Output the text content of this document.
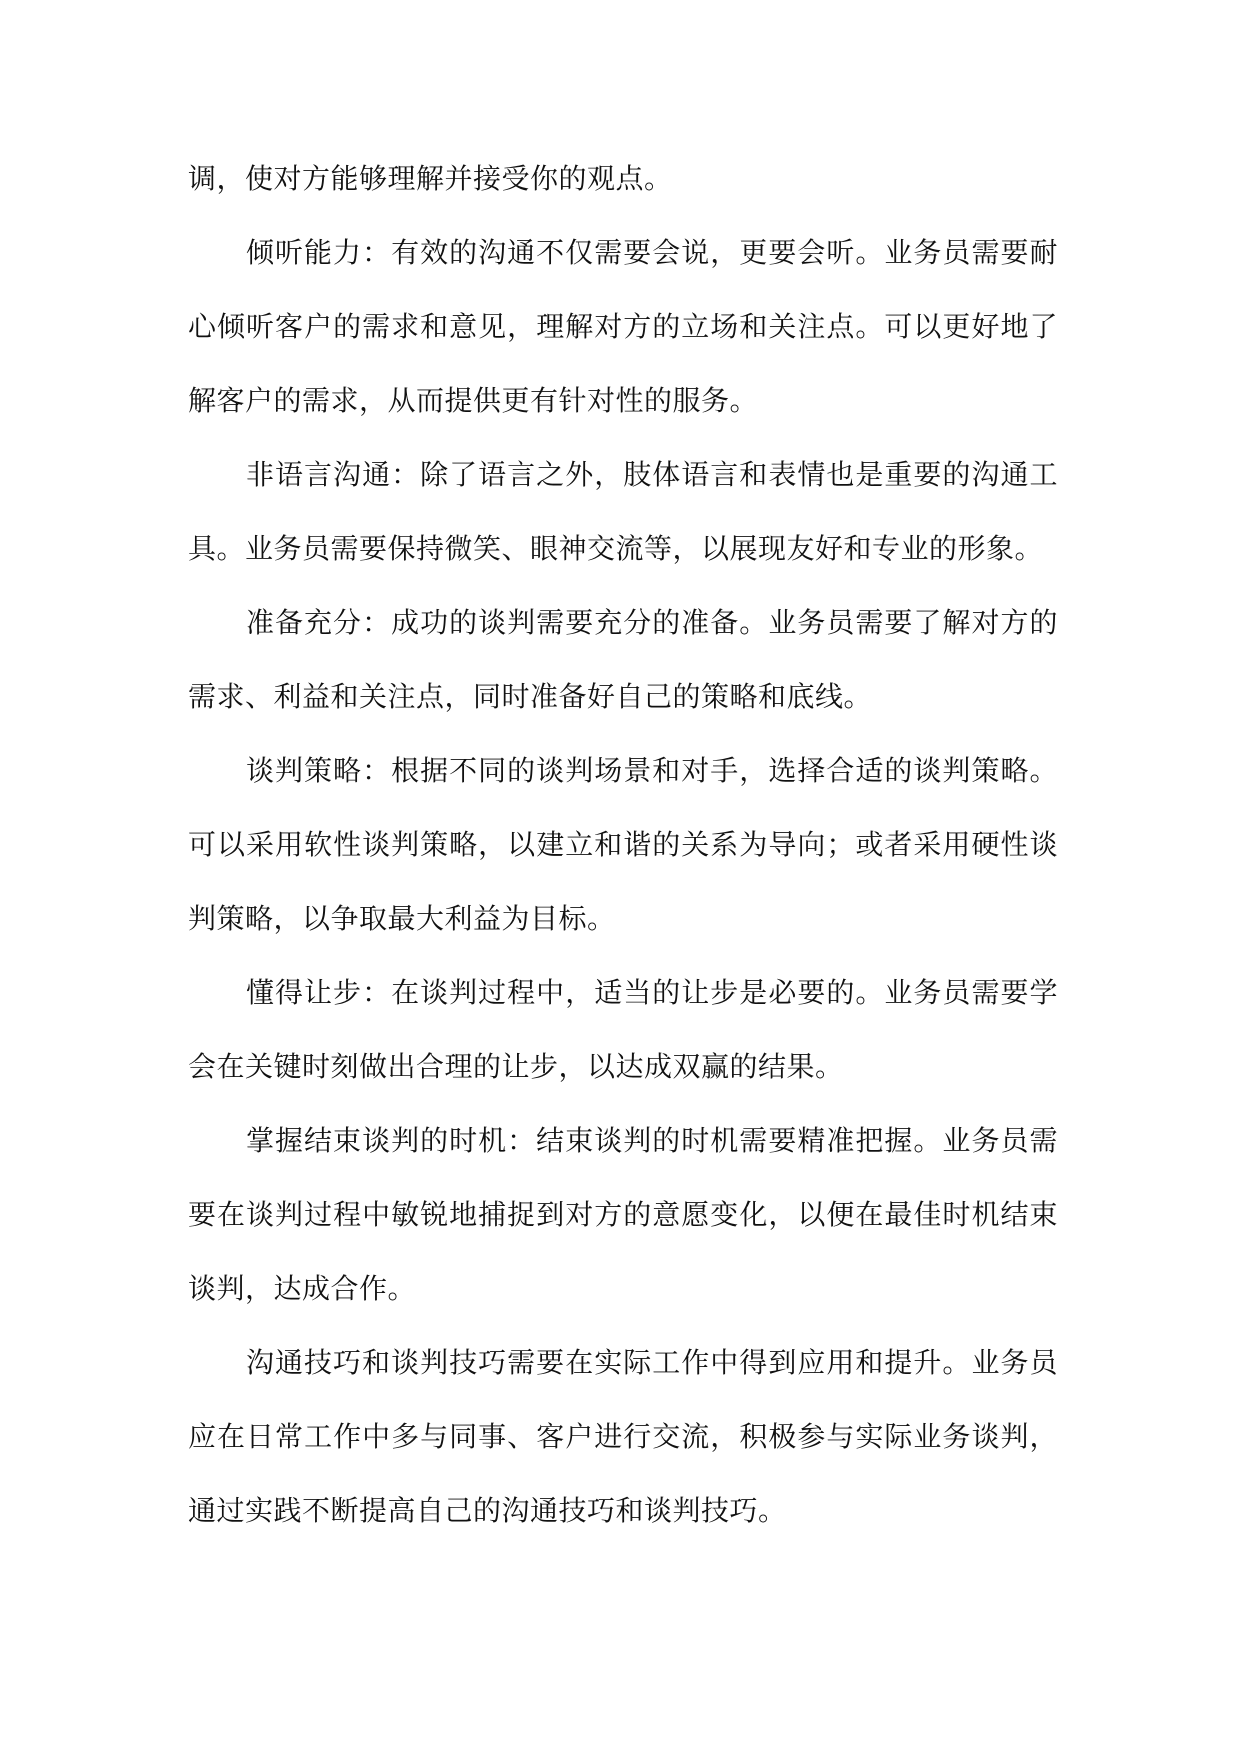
调，使对方能够理解并接受你的观点。

倾听能力：有效的沟通不仅需要会说，更要会听。业务员需要耐心倾听客户的需求和意见，理解对方的立场和关注点。可以更好地了解客户的需求，从而提供更有针对性的服务。

非语言沟通：除了语言之外，肢体语言和表情也是重要的沟通工具。业务员需要保持微笑、眼神交流等，以展现友好和专业的形象。

准备充分：成功的谈判需要充分的准备。业务员需要了解对方的需求、利益和关注点，同时准备好自己的策略和底线。

谈判策略：根据不同的谈判场景和对手，选择合适的谈判策略。可以采用软性谈判策略，以建立和谐的关系为导向；或者采用硬性谈判策略，以争取最大利益为目标。

懂得让步：在谈判过程中，适当的让步是必要的。业务员需要学会在关键时刻做出合理的让步，以达成双赢的结果。

掌握结束谈判的时机：结束谈判的时机需要精准把握。业务员需要在谈判过程中敏锐地捕捉到对方的意愿变化，以便在最佳时机结束谈判，达成合作。

沟通技巧和谈判技巧需要在实际工作中得到应用和提升。业务员应在日常工作中多与同事、客户进行交流，积极参与实际业务谈判，通过实践不断提高自己的沟通技巧和谈判技巧。
